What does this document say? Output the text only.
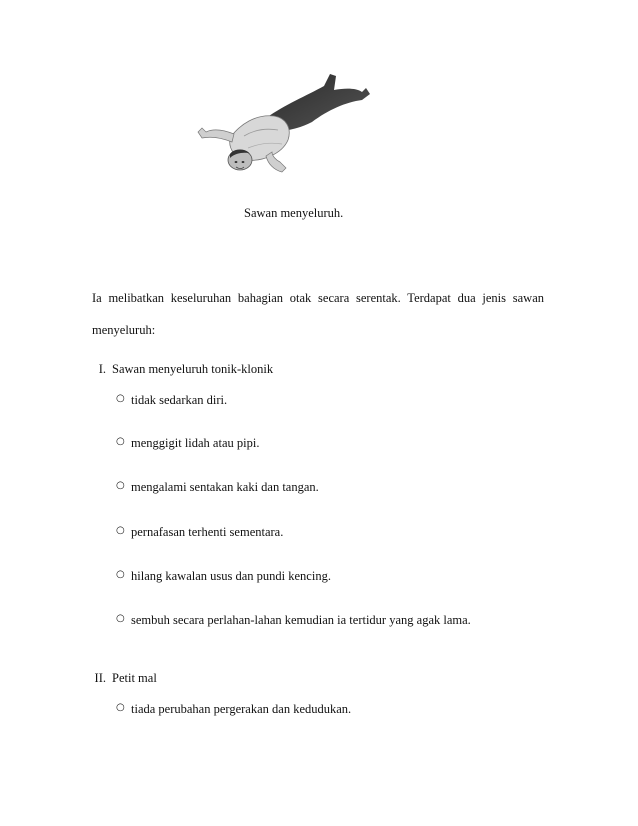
Sawan menyeluruh.
Ia melibatkan keseluruhan bahagian otak secara serentak. Terdapat dua jenis sawan
menyeluruh:
I. Sawan menyeluruh tonik-klonik
○ tidak sedarkan diri.
○ menggigit lidah atau pipi.
○ mengalami sentakan kaki dan tangan.
○ pernafasan terhenti sementara.
○ hilang kawalan usus dan pundi kencing.
○ sembuh secara perlahan-lahan kemudian ia tertidur yang agak lama.
II. Petit mal
○ tiada perubahan pergerakan dan kedudukan.
